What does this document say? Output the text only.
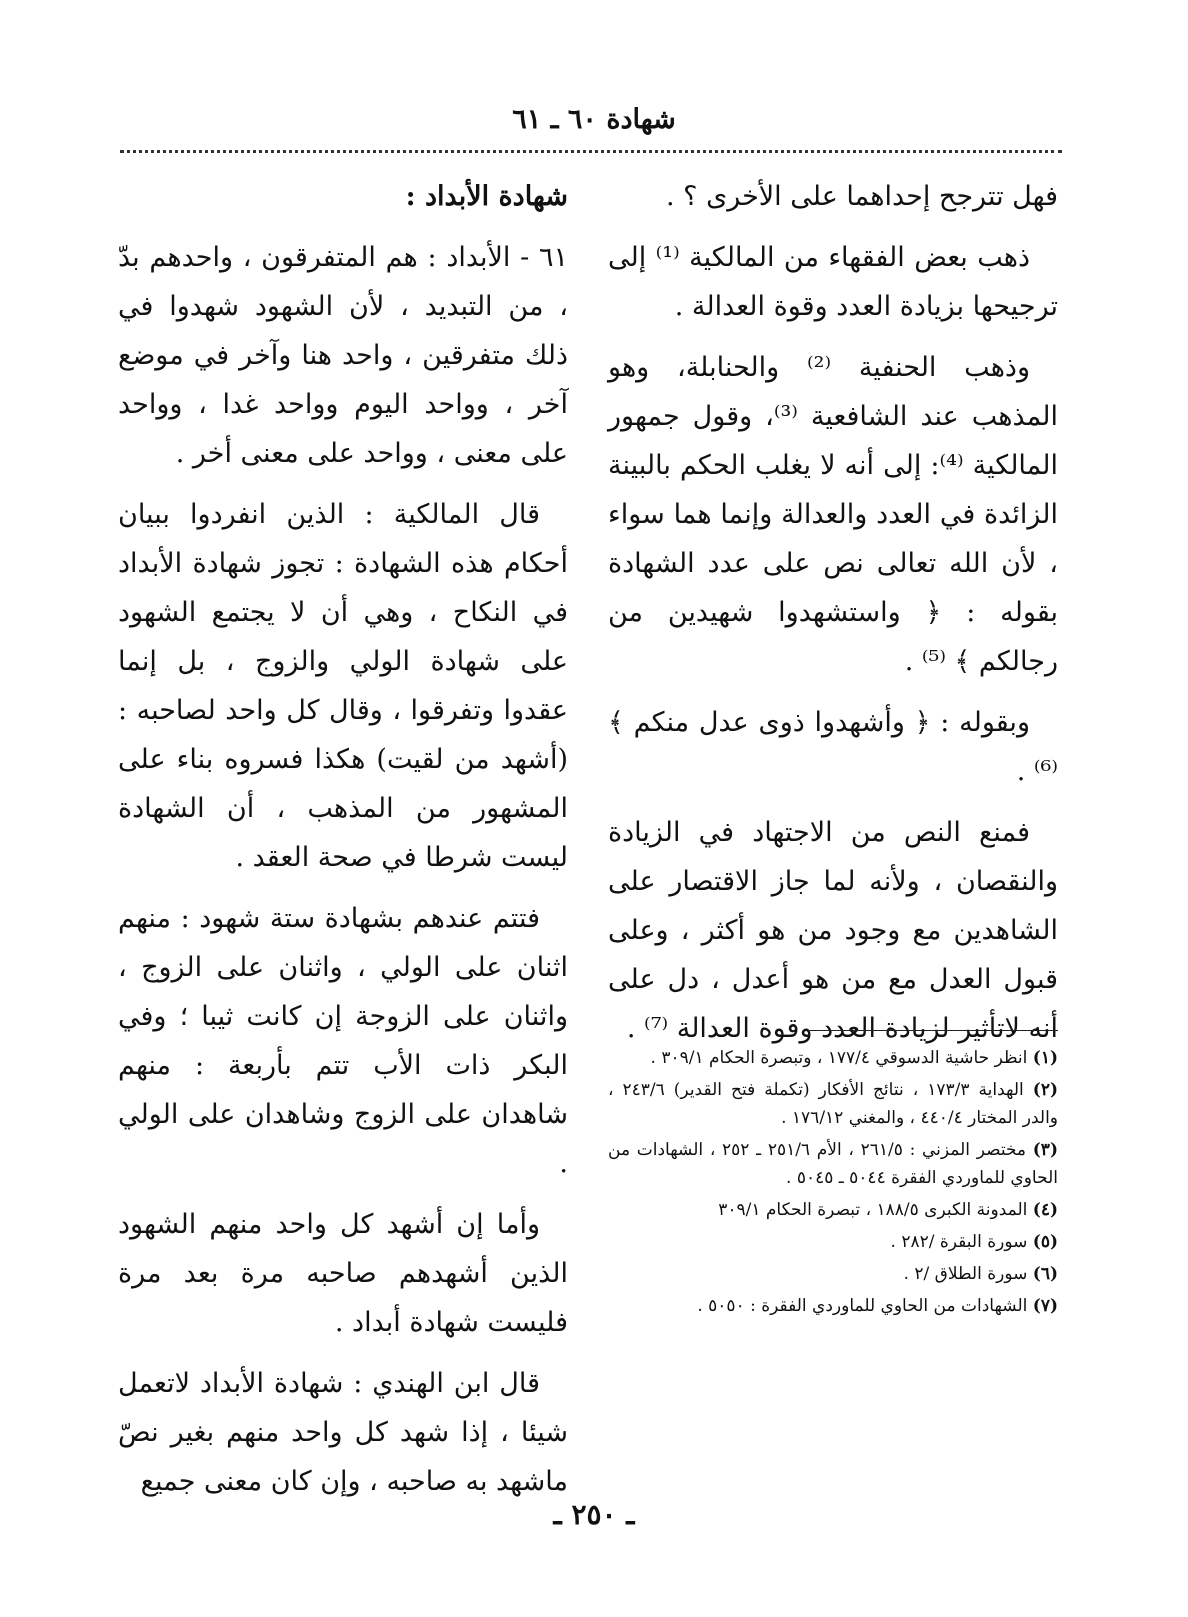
شهادة ٦٠ ـ ٦١

فهل تترجح إحداهما على الأخرى ؟ .

ذهب بعض الفقهاء من المالكية ⁽¹⁾ إلى ترجيحها بزيادة العدد وقوة العدالة .

وذهب الحنفية ⁽²⁾ والحنابلة، وهو المذهب عند الشافعية ⁽³⁾، وقول جمهور المالكية ⁽⁴⁾: إلى أنه لا يغلب الحكم بالبينة الزائدة في العدد والعدالة وإنما هما سواء ، لأن الله تعالى نص على عدد الشهادة بقوله : ﴿ واستشهدوا شهيدين من رجالكم ﴾ ⁽⁵⁾ .

وبقوله : ﴿ وأشهدوا ذوى عدل منكم ﴾ ⁽⁶⁾ .

فمنع النص من الاجتهاد في الزيادة والنقصان ، ولأنه لما جاز الاقتصار على الشاهدين مع وجود من هو أكثر ، وعلى قبول العدل مع من هو أعدل ، دل على أنه لاتأثير لزيادة العدد وقوة العدالة ⁽⁷⁾ .

شهادة الأبداد :

٦١ - الأبداد : هم المتفرقون ، واحدهم بدّ ، من التبديد ، لأن الشهود شهدوا في ذلك متفرقين ، واحد هنا وآخر في موضع آخر ، وواحد اليوم وواحد غدا ، وواحد على معنى ، وواحد على معنى أخر .

قال المالكية : الذين انفردوا ببيان أحكام هذه الشهادة : تجوز شهادة الأبداد في النكاح ، وهي أن لا يجتمع الشهود على شهادة الولي والزوج ، بل إنما عقدوا وتفرقوا ، وقال كل واحد لصاحبه : (أشهد من لقيت) هكذا فسروه بناء على المشهور من المذهب ، أن الشهادة ليست شرطا في صحة العقد .

فتتم عندهم بشهادة ستة شهود : منهم اثنان على الولي ، واثنان على الزوج ، واثنان على الزوجة إن كانت ثيبا ؛ وفي البكر ذات الأب تتم بأربعة : منهم شاهدان على الزوج وشاهدان على الولي .

وأما إن أشهد كل واحد منهم الشهود الذين أشهدهم صاحبه مرة بعد مرة فليست شهادة أبداد .

قال ابن الهندي : شهادة الأبداد لاتعمل شيئا ، إذا شهد كل واحد منهم بغير نصّ ماشهد به صاحبه ، وإن كان معنى جميع

(١) انظر حاشية الدسوقي ١٧٧/٤ ، وتبصرة الحكام ٣٠٩/١ .
(٢) الهداية ١٧٣/٣ ، نتائج الأفكار (تكملة فتح القدير) ٢٤٣/٦ ، والدر المختار ٤٤٠/٤ ، والمغني ١٧٦/١٢ .
(٣) مختصر المزني : ٢٦١/٥ ، الأم ٢٥١/٦ ـ ٢٥٢ ، الشهادات من الحاوي للماوردي الفقرة ٥٠٤٤ ـ ٥٠٤٥ .
(٤) المدونة الكبرى ١٨٨/٥ ، تبصرة الحكام ٣٠٩/١
(٥) سورة البقرة /٢٨٢ .
(٦) سورة الطلاق /٢ .
(٧) الشهادات من الحاوي للماوردي الفقرة : ٥٠٥٠ .
ـ ٢٥٠ ـ
